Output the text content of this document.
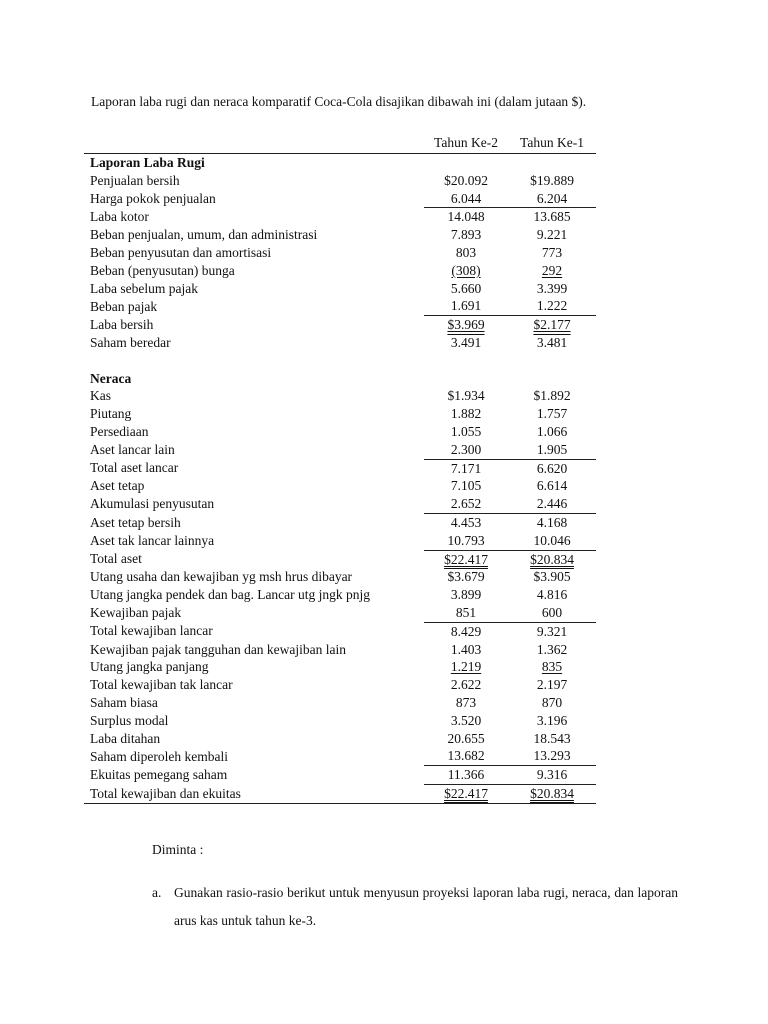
Laporan laba rugi dan neraca komparatif Coca-Cola disajikan dibawah ini (dalam jutaan $).
	Tahun Ke-2	Tahun Ke-1
Laporan Laba Rugi		
Penjualan bersih	$20.092	$19.889
Harga pokok penjualan	6.044	6.204
Laba kotor	14.048	13.685
Beban penjualan, umum, dan administrasi	7.893	9.221
Beban penyusutan dan amortisasi	803	773
Beban (penyusutan) bunga	(308)	292
Laba sebelum pajak	5.660	3.399
Beban pajak	1.691	1.222
Laba bersih	$3.969	$2.177
Saham beredar	3.491	3.481

Neraca		
Kas	$1.934	$1.892
Piutang	1.882	1.757
Persediaan	1.055	1.066
Aset lancar lain	2.300	1.905
Total aset lancar	7.171	6.620
Aset tetap	7.105	6.614
Akumulasi penyusutan	2.652	2.446
Aset tetap bersih	4.453	4.168
Aset tak lancar lainnya	10.793	10.046
Total aset	$22.417	$20.834
Utang usaha dan kewajiban yg msh hrus dibayar	$3.679	$3.905
Utang jangka pendek dan bag. Lancar utg jngk pnjg	3.899	4.816
Kewajiban pajak	851	600
Total kewajiban lancar	8.429	9.321
Kewajiban pajak tangguhan dan kewajiban lain	1.403	1.362
Utang jangka panjang	1.219	835
Total kewajiban tak lancar	2.622	2.197
Saham biasa	873	870
Surplus modal	3.520	3.196
Laba ditahan	20.655	18.543
Saham diperoleh kembali	13.682	13.293
Ekuitas pemegang saham	11.366	9.316
Total kewajiban dan ekuitas	$22.417	$20.834
Diminta :
a. Gunakan rasio-rasio berikut untuk menyusun proyeksi laporan laba rugi, neraca, dan laporan arus kas untuk tahun ke-3.
